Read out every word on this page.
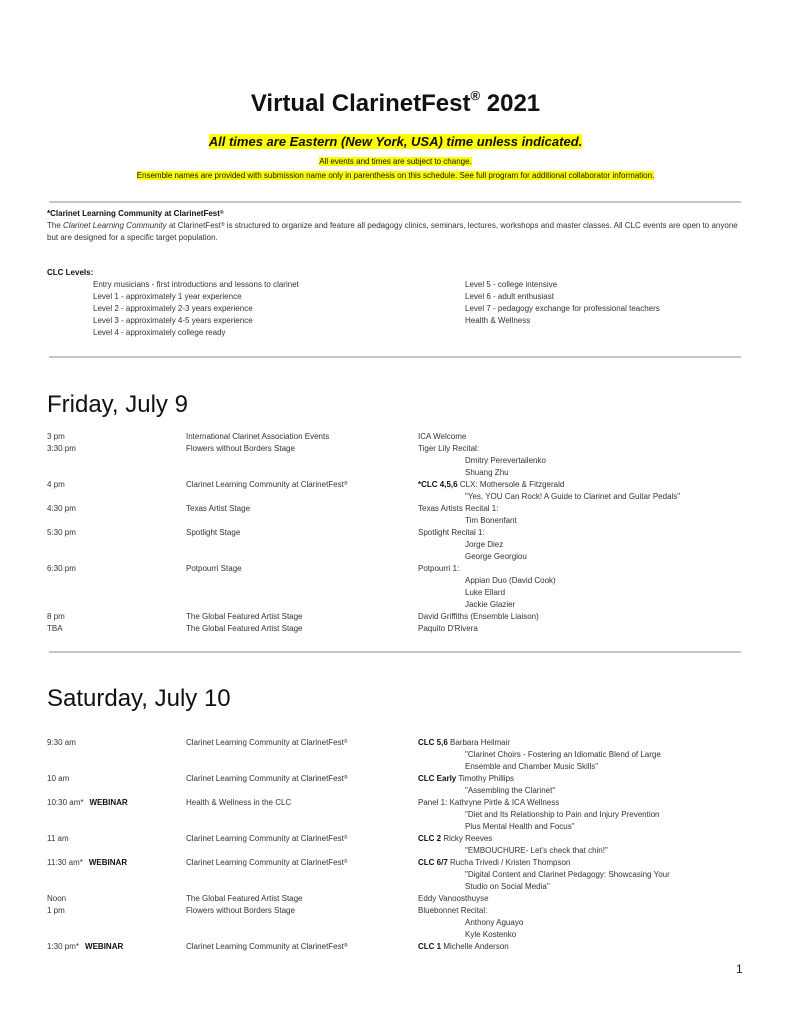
Virtual ClarinetFest® 2021
All times are Eastern (New York, USA) time unless indicated.
All events and times are subject to change.
Ensemble names are provided with submission name only in parenthesis on this schedule. See full program for additional collaborator information.
*Clarinet Learning Community at ClarinetFest®
The Clarinet Learning Community at ClarinetFest® is structured to organize and feature all pedagogy clinics, seminars, lectures, workshops and master classes. All CLC events are open to anyone but are designed for a specific target population.
CLC Levels:
Entry musicians - first introductions and lessons to clarinet
Level 1 - approximately 1 year experience
Level 2 - approximately 2-3 years experience
Level 3 - approximately 4-5 years experience
Level 4 - approximately college ready
Level 5 - college intensive
Level 6 - adult enthusiast
Level 7 - pedagogy exchange for professional teachers
Health & Wellness
Friday, July 9
3 pm	International Clarinet Association Events	ICA Welcome
3:30 pm	Flowers without Borders Stage	Tiger Lily Recital:
Dmitry Perevertailenko
Shuang Zhu
4 pm	Clarinet Learning Community at ClarinetFest®	*CLC 4,5,6 CLX: Mothersole & Fitzgerald
"Yes, YOU Can Rock! A Guide to Clarinet and Guitar Pedals"
4:30 pm	Texas Artist Stage	Texas Artists Recital 1:
Tim Bonenfant
5:30 pm	Spotlight Stage	Spotlight Recital 1:
Jorge Diez
George Georgiou
6:30 pm	Potpourri Stage	Potpourri 1:
Appian Duo (David Cook)
Luke Ellard
Jackie Glazier
8 pm	The Global Featured Artist Stage	David Griffiths (Ensemble Liaison)
TBA	The Global Featured Artist Stage	Paquito D'Rivera
Saturday, July 10
9:30 am	Clarinet Learning Community at ClarinetFest®	CLC 5,6 Barbara Heilmair
"Clarinet Choirs - Fostering an Idiomatic Blend of Large
Ensemble and Chamber Music Skills"
10 am	Clarinet Learning Community at ClarinetFest®	CLC Early Timothy Phillips
"Assembling the Clarinet"
10:30 am* WEBINAR	Health & Wellness in the CLC	Panel 1: Kathryne Pirtle & ICA Wellness
"Diet and Its Relationship to Pain and Injury Prevention
Plus Mental Health and Focus"
11 am	Clarinet Learning Community at ClarinetFest®	CLC 2 Ricky Reeves
"EMBOUCHURE- Let's check that chin!"
11:30 am* WEBINAR	Clarinet Learning Community at ClarinetFest®	CLC 6/7 Rucha Trivedi / Kristen Thompson
"Digital Content and Clarinet Pedagogy: Showcasing Your
Studio on Social Media"
Noon	The Global Featured Artist Stage	Eddy Vanoosthuyse
1 pm	Flowers without Borders Stage	Bluebonnet Recital:
Anthony Aguayo
Kyle Kostenko
1:30 pm* WEBINAR	Clarinet Learning Community at ClarinetFest®	CLC 1 Michelle Anderson
1
